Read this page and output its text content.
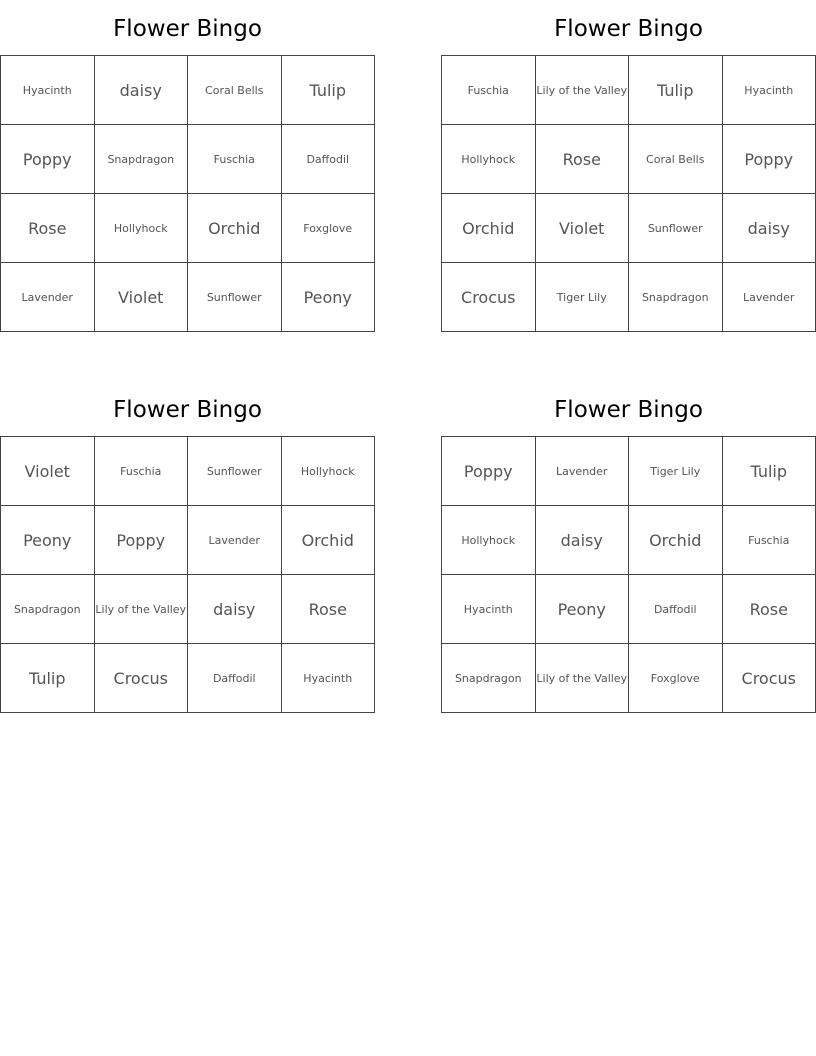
Flower Bingo
Hyacinth	daisy	Coral Bells	Tulip
Poppy	Snapdragon	Fuschia	Daffodil
Rose	Hollyhock	Orchid	Foxglove
Lavender	Violet	Sunflower	Peony
Flower Bingo
Fuschia	Lily of the Valley	Tulip	Hyacinth
Hollyhock	Rose	Coral Bells	Poppy
Orchid	Violet	Sunflower	daisy
Crocus	Tiger Lily	Snapdragon	Lavender
Flower Bingo
Violet	Fuschia	Sunflower	Hollyhock
Peony	Poppy	Lavender	Orchid
Snapdragon	Lily of the Valley	daisy	Rose
Tulip	Crocus	Daffodil	Hyacinth
Flower Bingo
Poppy	Lavender	Tiger Lily	Tulip
Hollyhock	daisy	Orchid	Fuschia
Hyacinth	Peony	Daffodil	Rose
Snapdragon	Lily of the Valley	Foxglove	Crocus
